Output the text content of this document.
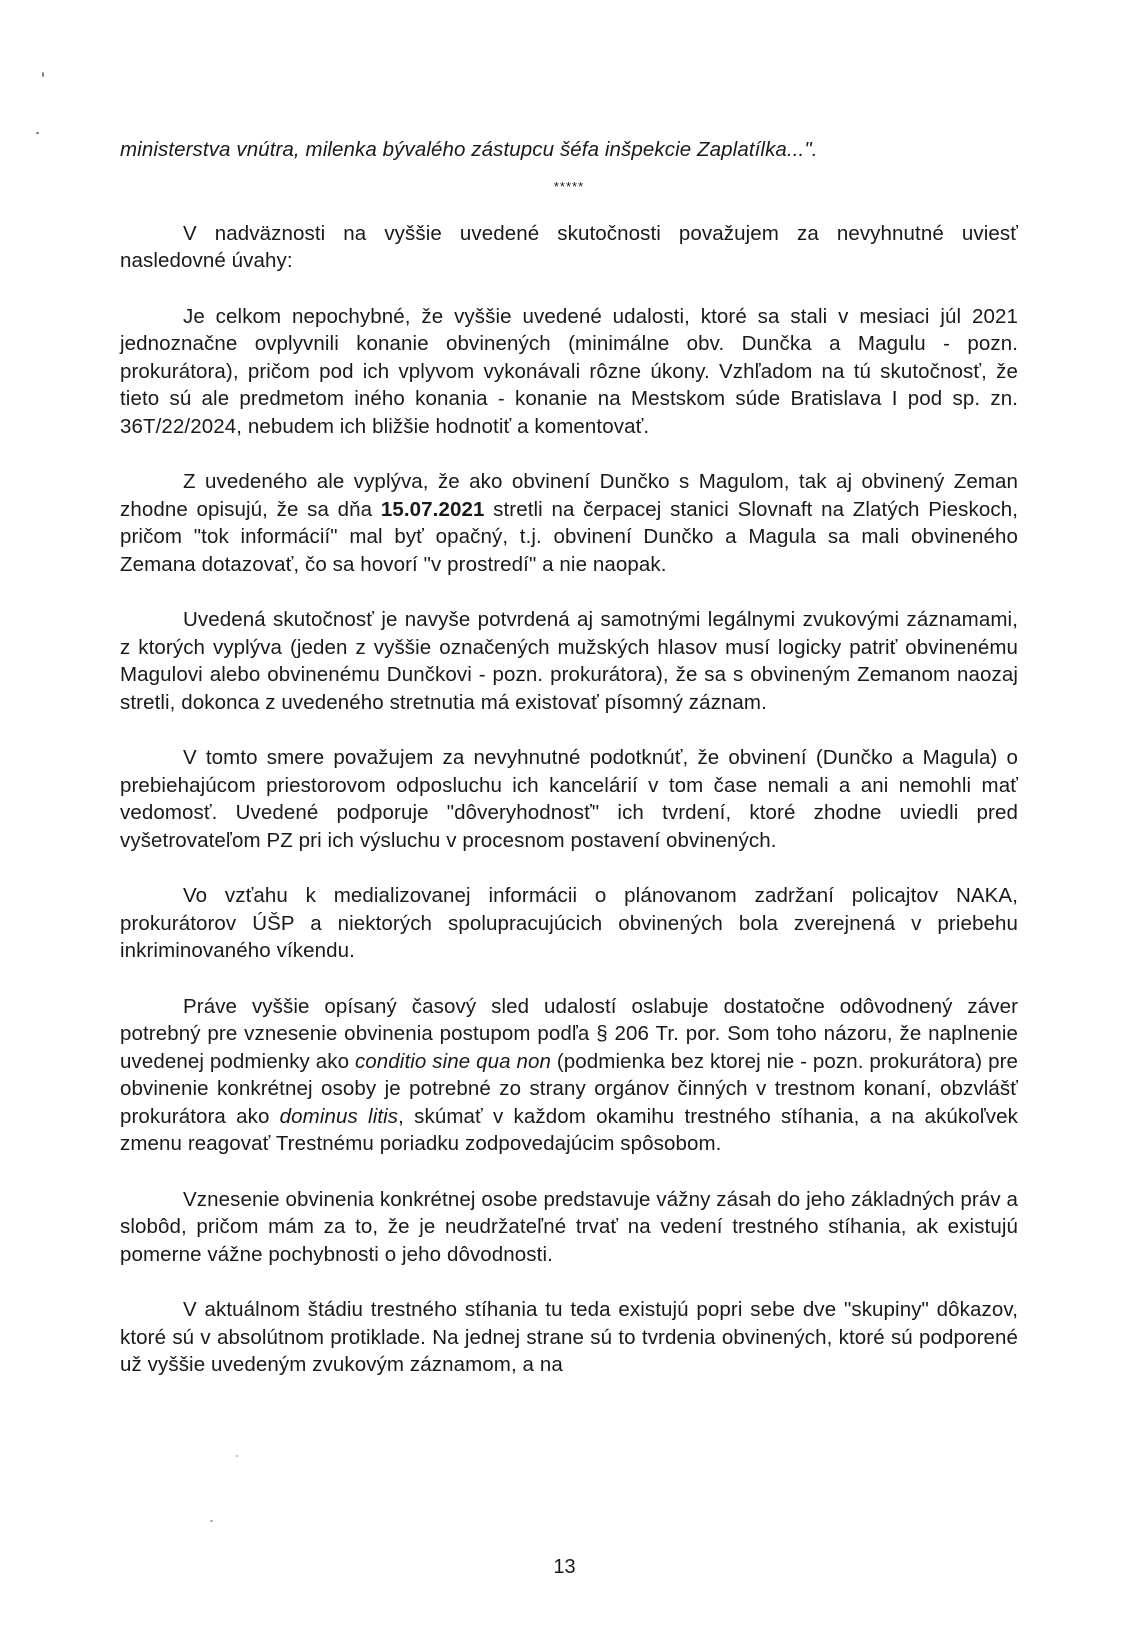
ministerstva vnútra, milenka bývalého zástupcu šéfa inšpekcie Zaplatílka...".

*****

V nadväznosti na vyššie uvedené skutočnosti považujem za nevyhnutné uviesť nasledovné úvahy:

Je celkom nepochybné, že vyššie uvedené udalosti, ktoré sa stali v mesiaci júl 2021 jednoznačne ovplyvnili konanie obvinených (minimálne obv. Dunčka a Magulu - pozn. prokurátora), pričom pod ich vplyvom vykonávali rôzne úkony. Vzhľadom na tú skutočnosť, že tieto sú ale predmetom iného konania - konanie na Mestskom súde Bratislava I pod sp. zn. 36T/22/2024, nebudem ich bližšie hodnotiť a komentovať.

Z uvedeného ale vyplýva, že ako obvinení Dunčko s Magulom, tak aj obvinený Zeman zhodne opisujú, že sa dňa 15.07.2021 stretli na čerpacej stanici Slovnaft na Zlatých Pieskoch, pričom "tok informácií" mal byť opačný, t.j. obvinení Dunčko a Magula sa mali obvineného Zemana dotazovať, čo sa hovorí "v prostredí" a nie naopak.

Uvedená skutočnosť je navyše potvrdená aj samotnými legálnymi zvukovými záznamami, z ktorých vyplýva (jeden z vyššie označených mužských hlasov musí logicky patriť obvinenému Magulovi alebo obvinenému Dunčkovi - pozn. prokurátora), že sa s obvineným Zemanom naozaj stretli, dokonca z uvedeného stretnutia má existovať písomný záznam.

V tomto smere považujem za nevyhnutné podotknúť, že obvinení (Dunčko a Magula) o prebiehajúcom priestorovom odposluchu ich kancelárií v tom čase nemali a ani nemohli mať vedomosť. Uvedené podporuje "dôveryhodnosť" ich tvrdení, ktoré zhodne uviedli pred vyšetrovateľom PZ pri ich výsluchu v procesnom postavení obvinených.

Vo vzťahu k medializovanej informácii o plánovanom zadržaní policajtov NAKA, prokurátorov ÚŠP a niektorých spolupracujúcich obvinených bola zverejnená v priebehu inkriminovaného víkendu.

Práve vyššie opísaný časový sled udalostí oslabuje dostatočne odôvodnený záver potrebný pre vznesenie obvinenia postupom podľa § 206 Tr. por. Som toho názoru, že naplnenie uvedenej podmienky ako conditio sine qua non (podmienka bez ktorej nie - pozn. prokurátora) pre obvinenie konkrétnej osoby je potrebné zo strany orgánov činných v trestnom konaní, obzvlášť prokurátora ako dominus litis, skúmať v každom okamihu trestného stíhania, a na akúkoľvek zmenu reagovať Trestnému poriadku zodpovedajúcim spôsobom.

Vznesenie obvinenia konkrétnej osobe predstavuje vážny zásah do jeho základných práv a slobôd, pričom mám za to, že je neudržateľné trvať na vedení trestného stíhania, ak existujú pomerne vážne pochybnosti o jeho dôvodnosti.

V aktuálnom štádiu trestného stíhania tu teda existujú popri sebe dve "skupiny" dôkazov, ktoré sú v absolútnom protiklade. Na jednej strane sú to tvrdenia obvinených, ktoré sú podporené už vyššie uvedeným zvukovým záznamom, a na

13
